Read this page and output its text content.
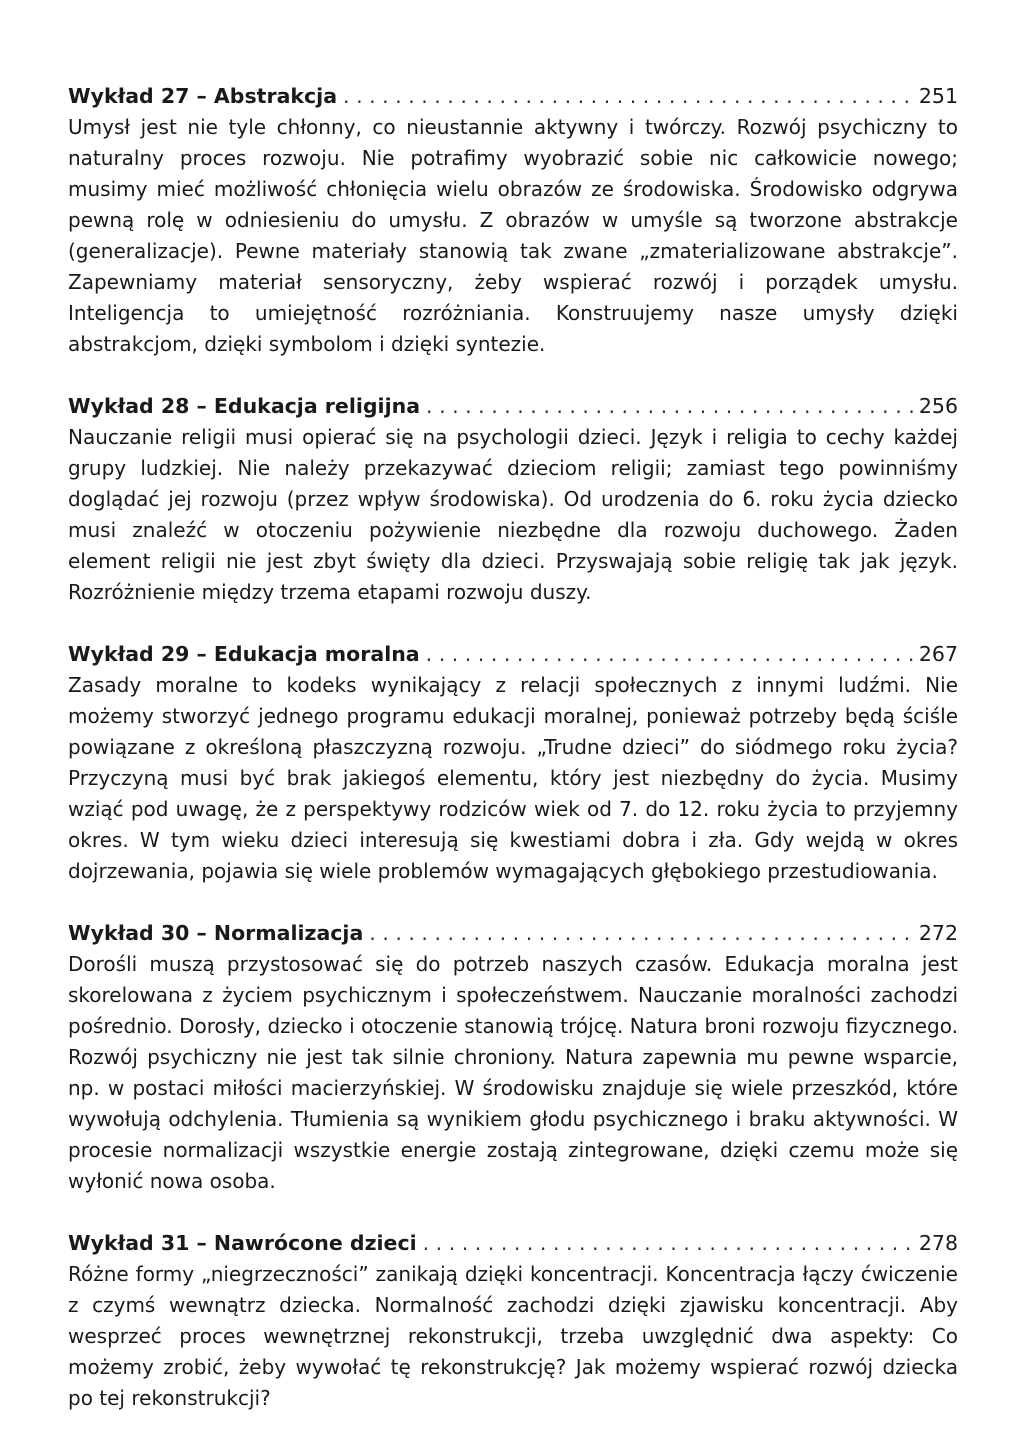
Wykład 27 – Abstrakcja . . .	251

Umysł jest nie tyle chłonny, co nieustannie aktywny i twórczy. Rozwój psychiczny to naturalny proces rozwoju. Nie potrafimy wyobrazić sobie nic całkowicie nowego; musimy mieć możliwość chłonięcia wielu obrazów ze środowiska. Środowisko odgrywa pewną rolę w odniesieniu do umysłu. Z obrazów w umyśle są tworzone abstrakcje (generalizacje). Pewne materiały stanowią tak zwane „zmaterializowane abstrakcje”. Zapewniamy materiał sensoryczny, żeby wspierać rozwój i porządek umysłu. Inteligencja to umiejętność rozróżniania. Konstruujemy nasze umysły dzięki abstrakcjom, dzięki symbolom i dzięki syntezie.

Wykład 28 – Edukacja religijna . . .	256

Nauczanie religii musi opierać się na psychologii dzieci. Język i religia to cechy każdej grupy ludzkiej. Nie należy przekazywać dzieciom religii; zamiast tego powinniśmy doglądać jej rozwoju (przez wpływ środowiska). Od urodzenia do 6. roku życia dziecko musi znaleźć w otoczeniu pożywienie niezbędne dla rozwoju duchowego. Żaden element religii nie jest zbyt święty dla dzieci. Przyswajają sobie religię tak jak język. Rozróżnienie między trzema etapami rozwoju duszy.

Wykład 29 – Edukacja moralna . . .	267

Zasady moralne to kodeks wynikający z relacji społecznych z innymi ludźmi. Nie możemy stworzyć jednego programu edukacji moralnej, ponieważ potrzeby będą ściśle powiązane z określoną płaszczyzną rozwoju. „Trudne dzieci” do siódmego roku życia? Przyczyną musi być brak jakiegoś elementu, który jest niezbędny do życia. Musimy wziąć pod uwagę, że z perspektywy rodziców wiek od 7. do 12. roku życia to przyjemny okres. W tym wieku dzieci interesują się kwestiami dobra i zła. Gdy wejdą w okres dojrzewania, pojawia się wiele problemów wymagających głębokiego przestudiowania.

Wykład 30 – Normalizacja . . .	272

Dorośli muszą przystosować się do potrzeb naszych czasów. Edukacja moralna jest skorelowana z życiem psychicznym i społeczeństwem. Nauczanie moralności zachodzi pośrednio. Dorosły, dziecko i otoczenie stanowią trójcę. Natura broni rozwoju fizycznego. Rozwój psychiczny nie jest tak silnie chroniony. Natura zapewnia mu pewne wsparcie, np. w postaci miłości macierzyńskiej. W środowisku znajduje się wiele przeszkód, które wywołują odchylenia. Tłumienia są wynikiem głodu psychicznego i braku aktywności. W procesie normalizacji wszystkie energie zostają zintegrowane, dzięki czemu może się wyłonić nowa osoba.

Wykład 31 – Nawrócone dzieci . . .	278

Różne formy „niegrzeczności” zanikają dzięki koncentracji. Koncentracja łączy ćwiczenie z czymś wewnątrz dziecka. Normalność zachodzi dzięki zjawisku koncentracji. Aby wesprzeć proces wewnętrznej rekonstrukcji, trzeba uwzględnić dwa aspekty: Co możemy zrobić, żeby wywołać tę rekonstrukcję? Jak możemy wspierać rozwój dziecka po tej rekonstrukcji?
